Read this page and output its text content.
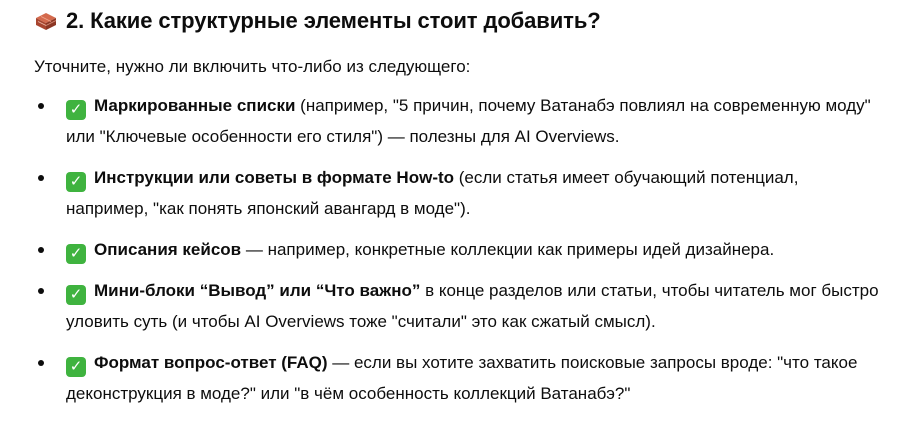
2. Какие структурные элементы стоит добавить?
Уточните, нужно ли включить что-либо из следующего:
✓ Маркированные списки (например, "5 причин, почему Ватанабэ повлиял на современную моду" или "Ключевые особенности его стиля") — полезны для AI Overviews.
✓ Инструкции или советы в формате How-to (если статья имеет обучающий потенциал, например, "как понять японский авангард в моде").
✓ Описания кейсов — например, конкретные коллекции как примеры идей дизайнера.
✓ Мини-блоки “Вывод” или “Что важно” в конце разделов или статьи, чтобы читатель мог быстро уловить суть (и чтобы AI Overviews тоже "считали" это как сжатый смысл).
✓ Формат вопрос-ответ (FAQ) — если вы хотите захватить поисковые запросы вроде: "что такое деконструкция в моде?" или "в чём особенность коллекций Ватанабэ?"
